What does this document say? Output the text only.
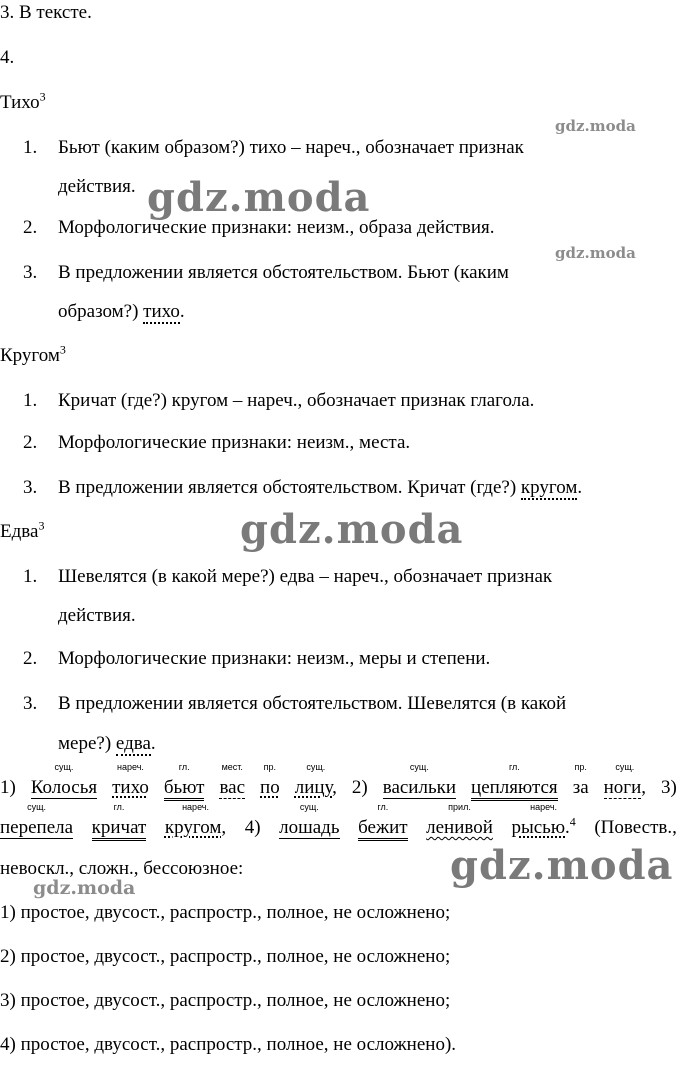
3. В тексте.
4.
Тихо$^3$
1. Бьют (каким образом?) тихо – нареч., обозначает признак
действия.
2. Морфологические признаки: неизм., образа действия.
3. В предложении является обстоятельством. Бьют (каким
образом?) тихо.
Кругом$^3$
1. Кричат (где?) кругом – нареч., обозначает признак глагола.
2. Морфологические признаки: неизм., места.
3. В предложении является обстоятельством. Кричат (где?) кругом.
Едва$^3$
1. Шевелятся (в какой мере?) едва – нареч., обозначает признак
действия.
2. Морфологические признаки: неизм., меры и степени.
3. В предложении является обстоятельством. Шевелятся (в какой
мере?) едва.
1)
сущ.
Колосья
нареч.
тихо
гл.
бьют
мест.
вас
пр.
по
сущ.
лицу, 2)
сущ.
васильки
гл.
цепляются
пр.
за
сущ.
ноги, 3)
сущ.
перепела
гл.
кричат
нареч.
кругом, 4)
сущ.
лошадь
гл.
бежит
прил.
ленивой
нареч.
рысью.$^4$ (Повеств.,
невоскл., сложн., бессоюзное:
1) простое, двусост., распростр., полное, не осложнено;
2) простое, двусост., распростр., полное, не осложнено;
3) простое, двусост., распростр., полное, не осложнено;
4) простое, двусост., распростр., полное, не осложнено).
gdz.moda
gdz.moda
gdz.moda
gdz.moda
gdz.moda
gdz.moda
